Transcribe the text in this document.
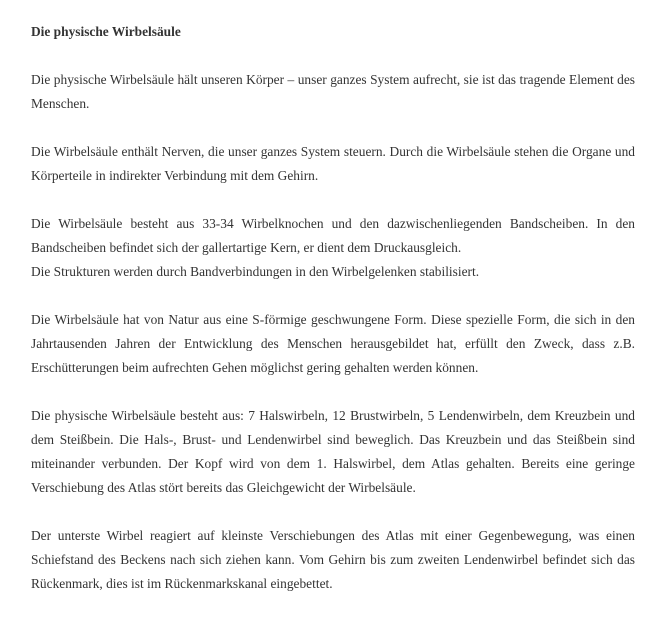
Die physische Wirbelsäule
Die physische Wirbelsäule hält unseren Körper – unser ganzes System aufrecht, sie ist das tragende Element des Menschen.
Die Wirbelsäule enthält Nerven, die unser ganzes System steuern. Durch die Wirbelsäule stehen die Organe und Körperteile in indirekter Verbindung mit dem Gehirn.
Die Wirbelsäule besteht aus 33-34 Wirbelknochen und den dazwischenliegenden Bandscheiben. In den Bandscheiben befindet sich der gallertartige Kern, er dient dem Druckausgleich.
Die Strukturen werden durch Bandverbindungen in den Wirbelgelenken stabilisiert.
Die Wirbelsäule hat von Natur aus eine S-förmige geschwungene Form. Diese spezielle Form, die sich in den Jahrtausenden Jahren der Entwicklung des Menschen herausgebildet hat, erfüllt den Zweck, dass z.B. Erschütterungen beim aufrechten Gehen möglichst gering gehalten werden können.
Die physische Wirbelsäule besteht aus: 7 Halswirbeln, 12 Brustwirbeln, 5 Lendenwirbeln, dem Kreuzbein und dem Steißbein. Die Hals-, Brust- und Lendenwirbel sind beweglich. Das Kreuzbein und das Steißbein sind miteinander verbunden. Der Kopf wird von dem 1. Halswirbel, dem Atlas gehalten. Bereits eine geringe Verschiebung des Atlas stört bereits das Gleichgewicht der Wirbelsäule.
Der unterste Wirbel reagiert auf kleinste Verschiebungen des Atlas mit einer Gegenbewegung, was einen Schiefstand des Beckens nach sich ziehen kann. Vom Gehirn bis zum zweiten Lendenwirbel befindet sich das Rückenmark, dies ist im Rückenmarkskanal eingebettet.
